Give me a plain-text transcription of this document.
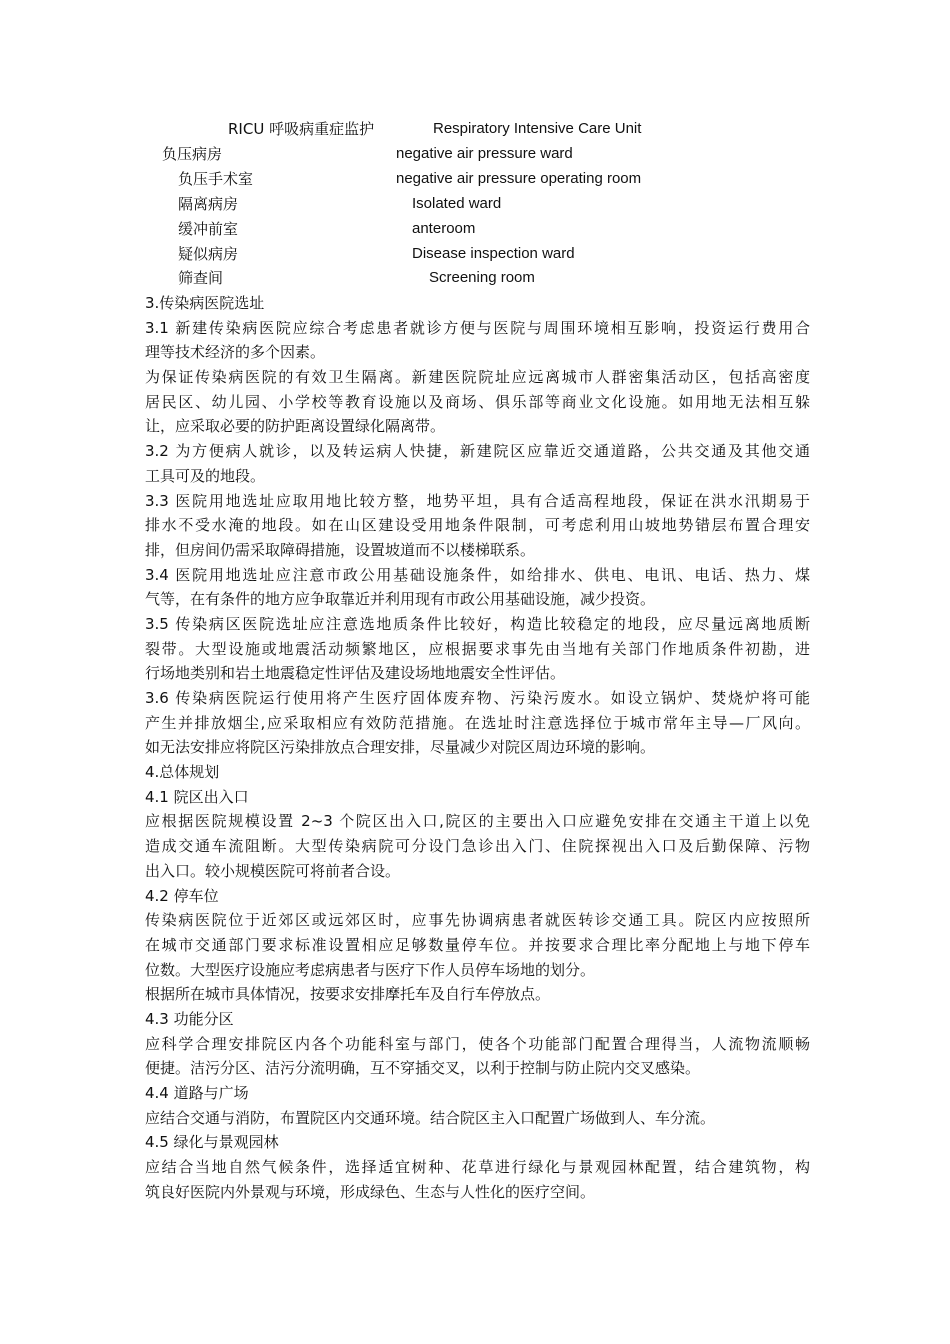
RICU 呼吸病重症监护	Respiratory Intensive Care Unit
负压病房	negative air pressure ward
负压手术室	negative air pressure operating room
隔离病房	Isolated ward
缓冲前室	anteroom
疑似病房	Disease inspection ward
筛查间	Screening room
3.传染病医院选址
3.1 新建传染病医院应综合考虑患者就诊方便与医院与周围环境相互影响，投资运行费用合
理等技术经济的多个因素。
为保证传染病医院的有效卫生隔离。新建医院院址应远离城市人群密集活动区，包括高密度
居民区、幼儿园、小学校等教育设施以及商场、俱乐部等商业文化设施。如用地无法相互躲
让，应采取必要的防护距离设置绿化隔离带。
3.2 为方便病人就诊，以及转运病人快捷，新建院区应靠近交通道路，公共交通及其他交通
工具可及的地段。
3.3 医院用地选址应取用地比较方整，地势平坦，具有合适高程地段，保证在洪水汛期易于
排水不受水淹的地段。如在山区建设受用地条件限制，可考虑利用山坡地势错层布置合理安
排，但房间仍需采取障碍措施，设置坡道而不以楼梯联系。
3.4 医院用地选址应注意市政公用基础设施条件，如给排水、供电、电讯、电话、热力、煤
气等，在有条件的地方应争取靠近并利用现有市政公用基础设施，减少投资。
3.5 传染病区医院选址应注意选地质条件比较好，构造比较稳定的地段，应尽量远离地质断
裂带。大型设施或地震活动频繁地区，应根据要求事先由当地有关部门作地质条件初勘，进
行场地类别和岩土地震稳定性评估及建设场地地震安全性评估。
3.6 传染病医院运行使用将产生医疗固体废弃物、污染污废水。如设立锅炉、焚烧炉将可能
产生并排放烟尘,应采取相应有效防范措施。在选址时注意选择位于城市常年主导—厂风向。
如无法安排应将院区污染排放点合理安排，尽量减少对院区周边环境的影响。
4.总体规划
4.1 院区出入口
应根据医院规模设置 2~3 个院区出入口,院区的主要出入口应避免安排在交通主干道上以免
造成交通车流阻断。大型传染病院可分设门急诊出入门、住院探视出入口及后勤保障、污物
出入口。较小规模医院可将前者合设。
4.2 停车位
传染病医院位于近郊区或远郊区时，应事先协调病患者就医转诊交通工具。院区内应按照所
在城市交通部门要求标准设置相应足够数量停车位。并按要求合理比率分配地上与地下停车
位数。大型医疗设施应考虑病患者与医疗下作人员停车场地的划分。
根据所在城市具体情况，按要求安排摩托车及自行车停放点。
4.3 功能分区
应科学合理安排院区内各个功能科室与部门，使各个功能部门配置合理得当，人流物流顺畅
便捷。洁污分区、洁污分流明确，互不穿插交叉，以利于控制与防止院内交叉感染。
4.4 道路与广场
应结合交通与消防，布置院区内交通环境。结合院区主入口配置广场做到人、车分流。
4.5 绿化与景观园林
应结合当地自然气候条件，选择适宜树种、花草进行绿化与景观园林配置，结合建筑物，构
筑良好医院内外景观与环境，形成绿色、生态与人性化的医疗空间。
